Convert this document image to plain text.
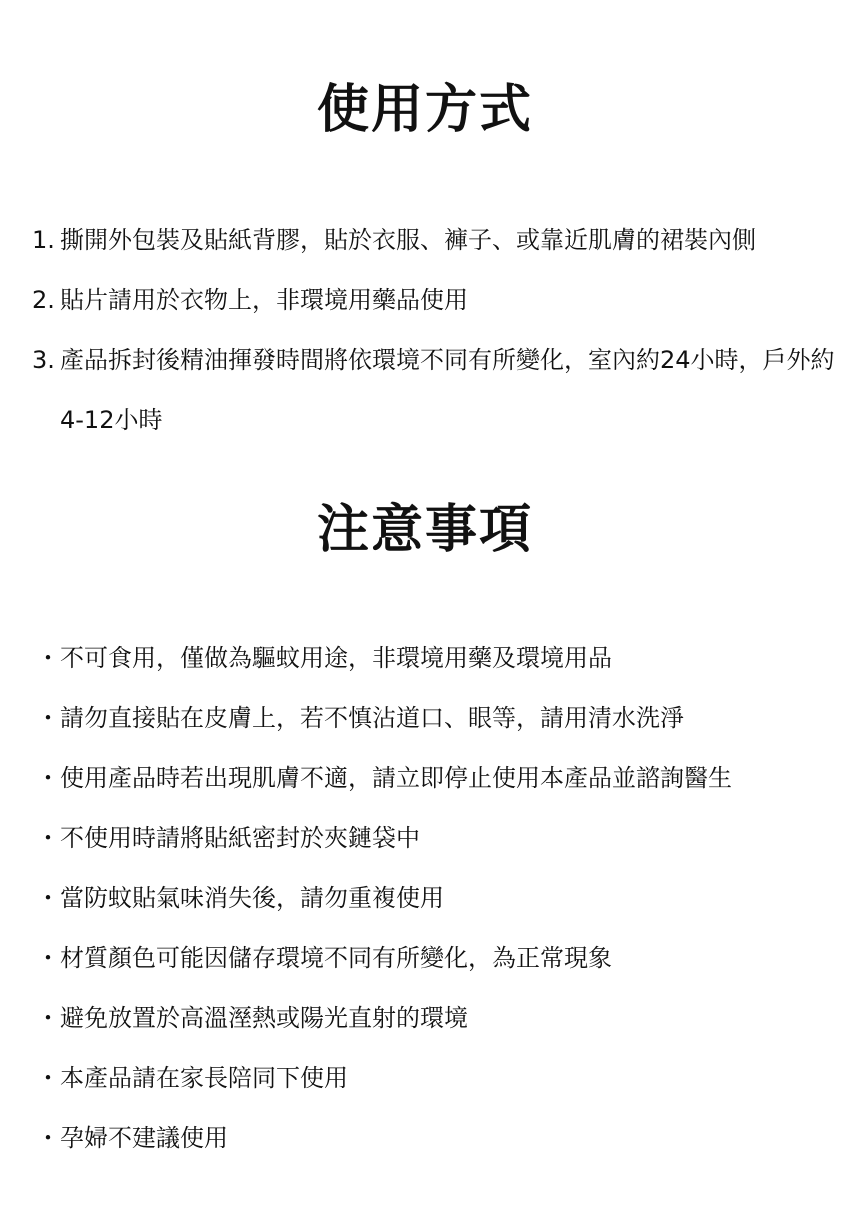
使用方式
1. 撕開外包裝及貼紙背膠，貼於衣服、褲子、或靠近肌膚的裙裝內側
2. 貼片請用於衣物上，非環境用藥品使用
3. 產品拆封後精油揮發時間將依環境不同有所變化，室內約24小時，戶外約4-12小時
注意事項
・ 不可食用，僅做為驅蚊用途，非環境用藥及環境用品
・ 請勿直接貼在皮膚上，若不慎沾道口、眼等，請用清水洗淨
・ 使用產品時若出現肌膚不適，請立即停止使用本產品並諮詢醫生
・ 不使用時請將貼紙密封於夾鏈袋中
・ 當防蚊貼氣味消失後，請勿重複使用
・ 材質顏色可能因儲存環境不同有所變化，為正常現象
・ 避免放置於高溫溼熱或陽光直射的環境
・ 本產品請在家長陪同下使用
・ 孕婦不建議使用
